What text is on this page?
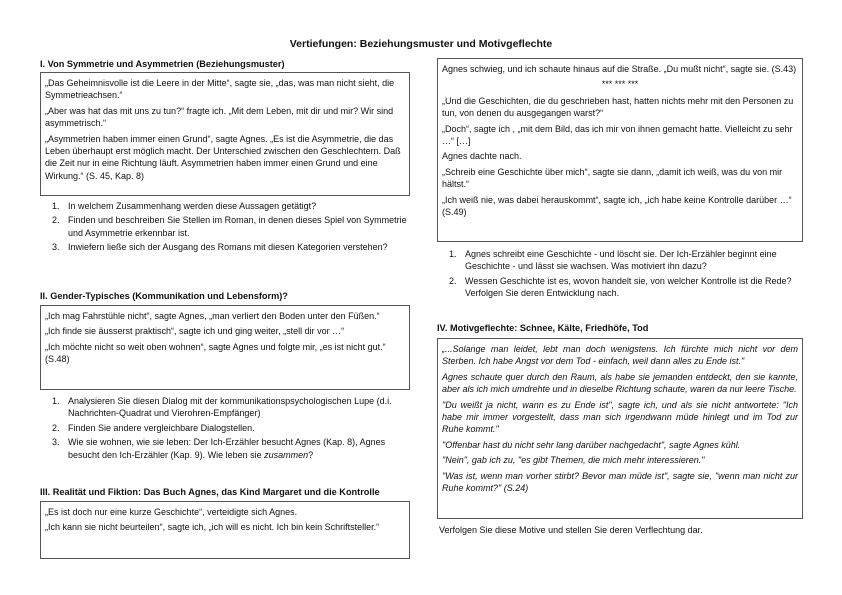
Vertiefungen: Beziehungsmuster und Motivgeflechte
I. Von Symmetrie und Asymmetrien (Beziehungsmuster)

„Das Geheimnisvolle ist die Leere in der Mitte“, sagte sie, „das, was man nicht sieht, die Symmetrieachsen.“

„Aber was hat das mit uns zu tun?“ fragte ich. „Mit dem Leben, mit dir und mir? Wir sind asymmetrisch.“

„Asymmetrien haben immer einen Grund“, sagte Agnes. „Es ist die Asymmetrie, die das Leben überhaupt erst möglich macht. Der Unterschied zwischen den Geschlechtern. Daß die Zeit nur in eine Richtung läuft. Asymmetrien haben immer einen Grund und eine Wirkung.“ (S. 45, Kap. 8)

1. In welchem Zusammenhang werden diese Aussagen getätigt?
2. Finden und beschreiben Sie Stellen im Roman, in denen dieses Spiel von Symmetrie und Asymmetrie erkennbar ist.
3. Inwiefern ließe sich der Ausgang des Romans mit diesen Kategorien verstehen?
II. Gender-Typisches (Kommunikation und Lebensform)?

„Ich mag Fahrstühle nicht“, sagte Agnes, „man verliert den Boden unter den Füßen.“

„Ich finde sie äusserst praktisch“, sagte ich und ging weiter, „stell dir vor …“

„Ich möchte nicht so weit oben wohnen“, sagte Agnes und folgte mir, „es ist nicht gut.“ (S.48)

1. Analysieren Sie diesen Dialog mit der kommunikationspsychologischen Lupe (d.i. Nachrichten-Quadrat und Vierohren-Empfänger)
2. Finden Sie andere vergleichbare Dialogstellen.
3. Wie sie wohnen, wie sie leben: Der Ich-Erzähler besucht Agnes (Kap. 8), Agnes besucht den Ich-Erzähler (Kap. 9). Wie leben sie zusammen?
III. Realität und Fiktion: Das Buch Agnes, das Kind Margaret und die Kontrolle

„Es ist doch nur eine kurze Geschichte“, verteidigte sich Agnes.

„Ich kann sie nicht beurteilen“, sagte ich, „ich will es nicht. Ich bin kein Schriftsteller.“

Agnes schwieg, und ich schaute hinaus auf die Straße. „Du mußt nicht“, sagte sie. (S.43)

*** *** ***

„Und die Geschichten, die du geschrieben hast, hatten nichts mehr mit den Personen zu tun, von denen du ausgegangen warst?“

„Doch“, sagte ich , „mit dem Bild, das ich mir von ihnen gemacht hatte. Vielleicht zu sehr …“ […]

Agnes dachte nach.

„Schreib eine Geschichte über mich“, sagte sie dann, „damit ich weiß, was du von mir hältst.“

„Ich weiß nie, was dabei herauskommt“, sagte ich, „ich habe keine Kontrolle darüber …“ (S.49)

1. Agnes schreibt eine Geschichte - und löscht sie. Der Ich-Erzähler beginnt eine Geschichte - und lässt sie wachsen. Was motiviert ihn dazu?
2. Wessen Geschichte ist es, wovon handelt sie, von welcher Kontrolle ist die Rede? Verfolgen Sie deren Entwicklung nach.
IV. Motivgeflechte: Schnee, Kälte, Friedhöfe, Tod

„...Solange man leidet, lebt man doch wenigstens. Ich fürchte mich nicht vor dem Sterben. Ich habe Angst vor dem Tod - einfach, weil dann alles zu Ende ist."

Agnes schaute quer durch den Raum, als habe sie jemanden entdeckt, den sie kannte, aber als ich mich umdrehte und in dieselbe Richtung schaute, waren da nur leere Tische.

"Du weißt ja nicht, wann es zu Ende ist", sagte ich, und als sie nicht antwortete: "Ich habe mir immer vorgestellt, dass man sich irgendwann müde hinlegt und im Tod zur Ruhe kommt."

"Offenbar hast du nicht sehr lang darüber nachgedacht", sagte Agnes kühl.

"Nein", gab ich zu, "es gibt Themen, die mich mehr interessieren."

"Was ist, wenn man vorher stirbt? Bevor man müde ist", sagte sie, "wenn man nicht zur Ruhe kommt?" (S.24)

Verfolgen Sie diese Motive und stellen Sie deren Verflechtung dar.
